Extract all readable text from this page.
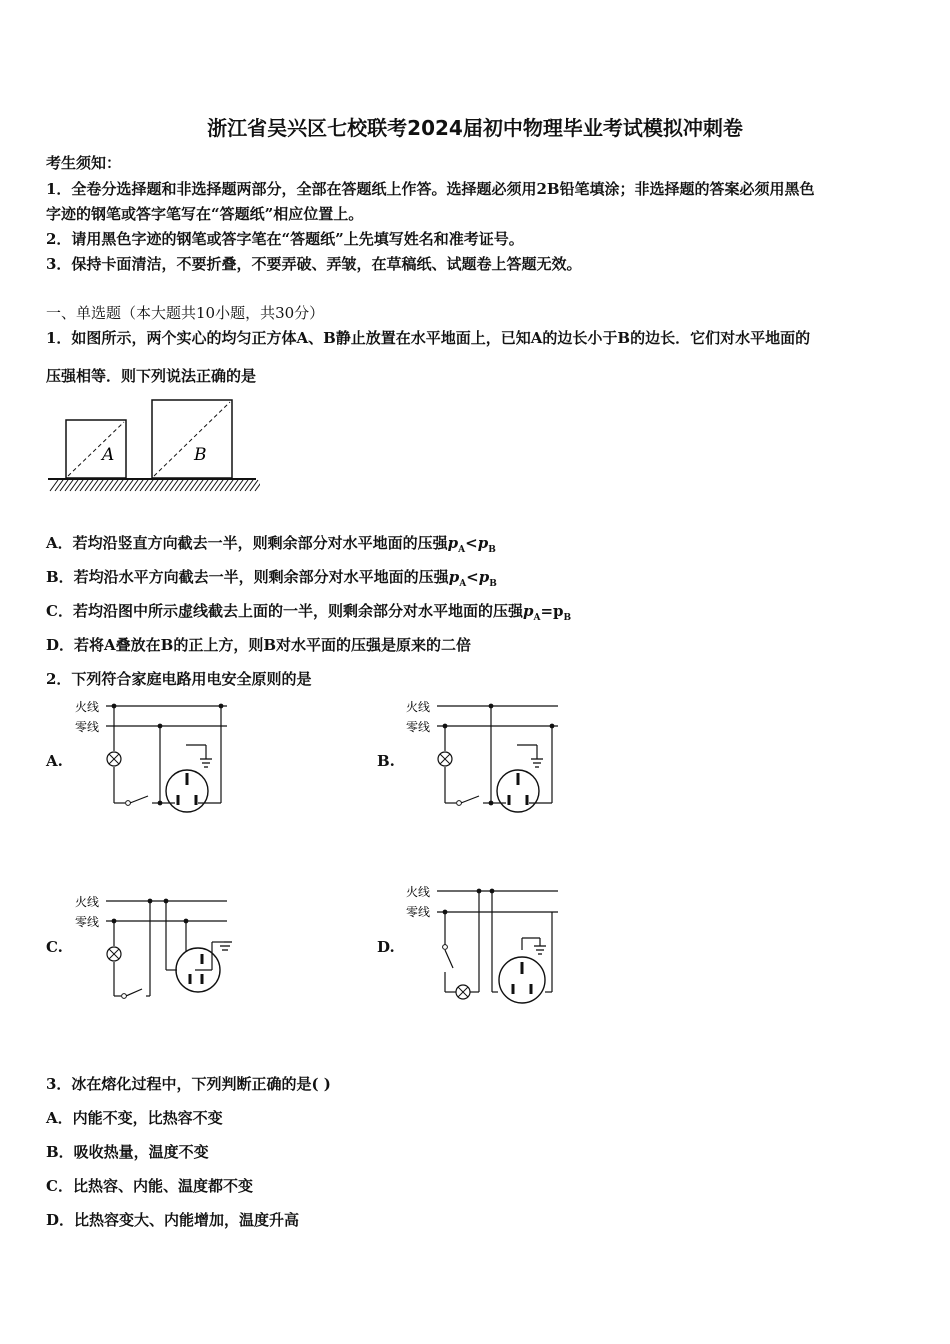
浙江省吴兴区七校联考2024届初中物理毕业考试模拟冲刺卷
考生须知：
1．全卷分选择题和非选择题两部分，全部在答题纸上作答。选择题必须用2B铅笔填涂；非选择题的答案必须用黑色
字迹的钢笔或答字笔写在“答题纸”相应位置上。
2．请用黑色字迹的钢笔或答字笔在“答题纸”上先填写姓名和准考证号。
3．保持卡面清洁，不要折叠，不要弄破、弄皱，在草稿纸、试题卷上答题无效。
一、单选题（本大题共10小题，共30分）
1．如图所示，两个实心的均匀正方体A、B静止放置在水平地面上，已知A的边长小于B的边长．它们对水平地面的
压强相等．则下列说法正确的是
A	B
A．若均沿竖直方向截去一半，则剩余部分对水平地面的压强$p_A<p_B$
B．若均沿水平方向截去一半，则剩余部分对水平地面的压强$p_A<p_B$
C．若均沿图中所示虚线截去上面的一半，则剩余部分对水平地面的压强$p_A=p_B$
D．若将A叠放在B的正上方，则B对水平面的压强是原来的二倍
2．下列符合家庭电路用电安全原则的是
A.	B.
C.	D.
火线
零线
火线
零线
火线
零线
火线
零线
3．冰在熔化过程中，下列判断正确的是( )
A．内能不变，比热容不变
B．吸收热量，温度不变
C．比热容、内能、温度都不变
D．比热容变大、内能增加，温度升高
